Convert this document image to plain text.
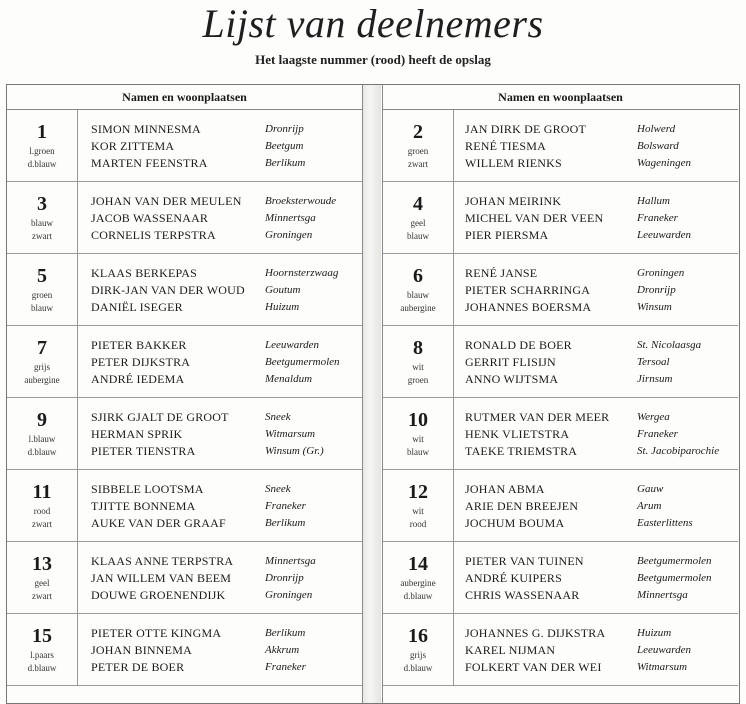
Lijst van deelnemers
Het laagste nummer (rood) heeft de opslag
Namen en woonplaatsen
1
l.groen
d.blauw
SIMON MINNESMA	Dronrijp
KOR ZITTEMA	Beetgum
MARTEN FEENSTRA	Berlikum
3
blauw
zwart
JOHAN VAN DER MEULEN Broeksterwoude
JACOB WASSENAAR	Minnertsga
CORNELIS TERPSTRA	Groningen
5
groen
blauw
KLAAS BERKEPAS	Hoornsterzwaag
DIRK-JAN VAN DER WOUD Goutum
DANIËL ISEGER	Huizum
7
grijs
aubergine
PIETER BAKKER	Leeuwarden
PETER DIJKSTRA	Beetgumermolen
ANDRÉ IEDEMA	Menaldum
9
l.blauw
d.blauw
SJIRK GJALT DE GROOT	Sneek
HERMAN SPRIK	Witmarsum
PIETER TIENSTRA	Winsum (Gr.)
11
rood
zwart
SIBBELE LOOTSMA	Sneek
TJITTE BONNEMA	Franeker
AUKE VAN DER GRAAF	Berlikum
13
geel
zwart
KLAAS ANNE TERPSTRA	Minnertsga
JAN WILLEM VAN BEEM	Dronrijp
DOUWE GROENENDIJK	Groningen
15
l.paars
d.blauw
PIETER OTTE KINGMA	Berlikum
JOHAN BINNEMA	Akkrum
PETER DE BOER	Franeker
Namen en woonplaatsen
2
groen
zwart
JAN DIRK DE GROOT	Holwerd
RENÉ TIESMA	Bolsward
WILLEM RIENKS	Wageningen
4
geel
blauw
JOHAN MEIRINK	Hallum
MICHEL VAN DER VEEN	Franeker
PIER PIERSMA	Leeuwarden
6
blauw
aubergine
RENÉ JANSE	Groningen
PIETER SCHARRINGA	Dronrijp
JOHANNES BOERSMA	Winsum
8
wit
groen
RONALD DE BOER	St. Nicolaasga
GERRIT FLISIJN	Tersoal
ANNO WIJTSMA	Jirnsum
10
wit
blauw
RUTMER VAN DER MEER	Wergea
HENK VLIETSTRA	Franeker
TAEKE TRIEMSTRA	St. Jacobiparochie
12
wit
rood
JOHAN ABMA	Gauw
ARIE DEN BREEJEN	Arum
JOCHUM BOUMA	Easterlittens
14
aubergine
d.blauw
PIETER VAN TUINEN	Beetgumermolen
ANDRÉ KUIPERS	Beetgumermolen
CHRIS WASSENAAR	Minnertsga
16
grijs
d.blauw
JOHANNES G. DIJKSTRA	Huizum
KAREL NIJMAN	Leeuwarden
FOLKERT VAN DER WEI	Witmarsum
